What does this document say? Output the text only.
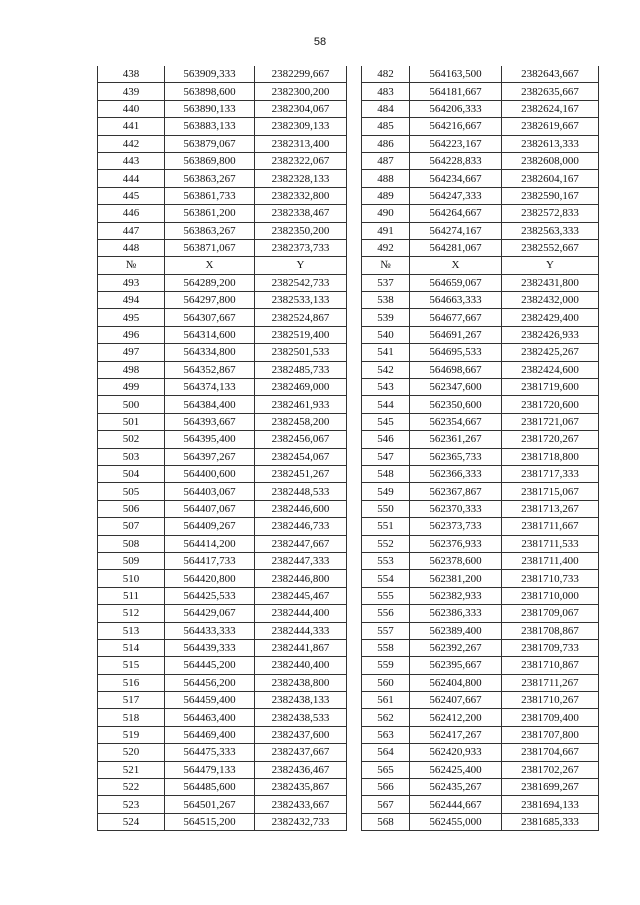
58
438	563909,333	2382299,667
439	563898,600	2382300,200
440	563890,133	2382304,067
441	563883,133	2382309,133
442	563879,067	2382313,400
443	563869,800	2382322,067
444	563863,267	2382328,133
445	563861,733	2382332,800
446	563861,200	2382338,467
447	563863,267	2382350,200
448	563871,067	2382373,733
№	X	Y
493	564289,200	2382542,733
494	564297,800	2382533,133
495	564307,667	2382524,867
496	564314,600	2382519,400
497	564334,800	2382501,533
498	564352,867	2382485,733
499	564374,133	2382469,000
500	564384,400	2382461,933
501	564393,667	2382458,200
502	564395,400	2382456,067
503	564397,267	2382454,067
504	564400,600	2382451,267
505	564403,067	2382448,533
506	564407,067	2382446,600
507	564409,267	2382446,733
508	564414,200	2382447,667
509	564417,733	2382447,333
510	564420,800	2382446,800
511	564425,533	2382445,467
512	564429,067	2382444,400
513	564433,333	2382444,333
514	564439,333	2382441,867
515	564445,200	2382440,400
516	564456,200	2382438,800
517	564459,400	2382438,133
518	564463,400	2382438,533
519	564469,400	2382437,600
520	564475,333	2382437,667
521	564479,133	2382436,467
522	564485,600	2382435,867
523	564501,267	2382433,667
524	564515,200	2382432,733
482	564163,500	2382643,667
483	564181,667	2382635,667
484	564206,333	2382624,167
485	564216,667	2382619,667
486	564223,167	2382613,333
487	564228,833	2382608,000
488	564234,667	2382604,167
489	564247,333	2382590,167
490	564264,667	2382572,833
491	564274,167	2382563,333
492	564281,067	2382552,667
№	X	Y
537	564659,067	2382431,800
538	564663,333	2382432,000
539	564677,667	2382429,400
540	564691,267	2382426,933
541	564695,533	2382425,267
542	564698,667	2382424,600
543	562347,600	2381719,600
544	562350,600	2381720,600
545	562354,667	2381721,067
546	562361,267	2381720,267
547	562365,733	2381718,800
548	562366,333	2381717,333
549	562367,867	2381715,067
550	562370,333	2381713,267
551	562373,733	2381711,667
552	562376,933	2381711,533
553	562378,600	2381711,400
554	562381,200	2381710,733
555	562382,933	2381710,000
556	562386,333	2381709,067
557	562389,400	2381708,867
558	562392,267	2381709,733
559	562395,667	2381710,867
560	562404,800	2381711,267
561	562407,667	2381710,267
562	562412,200	2381709,400
563	562417,267	2381707,800
564	562420,933	2381704,667
565	562425,400	2381702,267
566	562435,267	2381699,267
567	562444,667	2381694,133
568	562455,000	2381685,333
